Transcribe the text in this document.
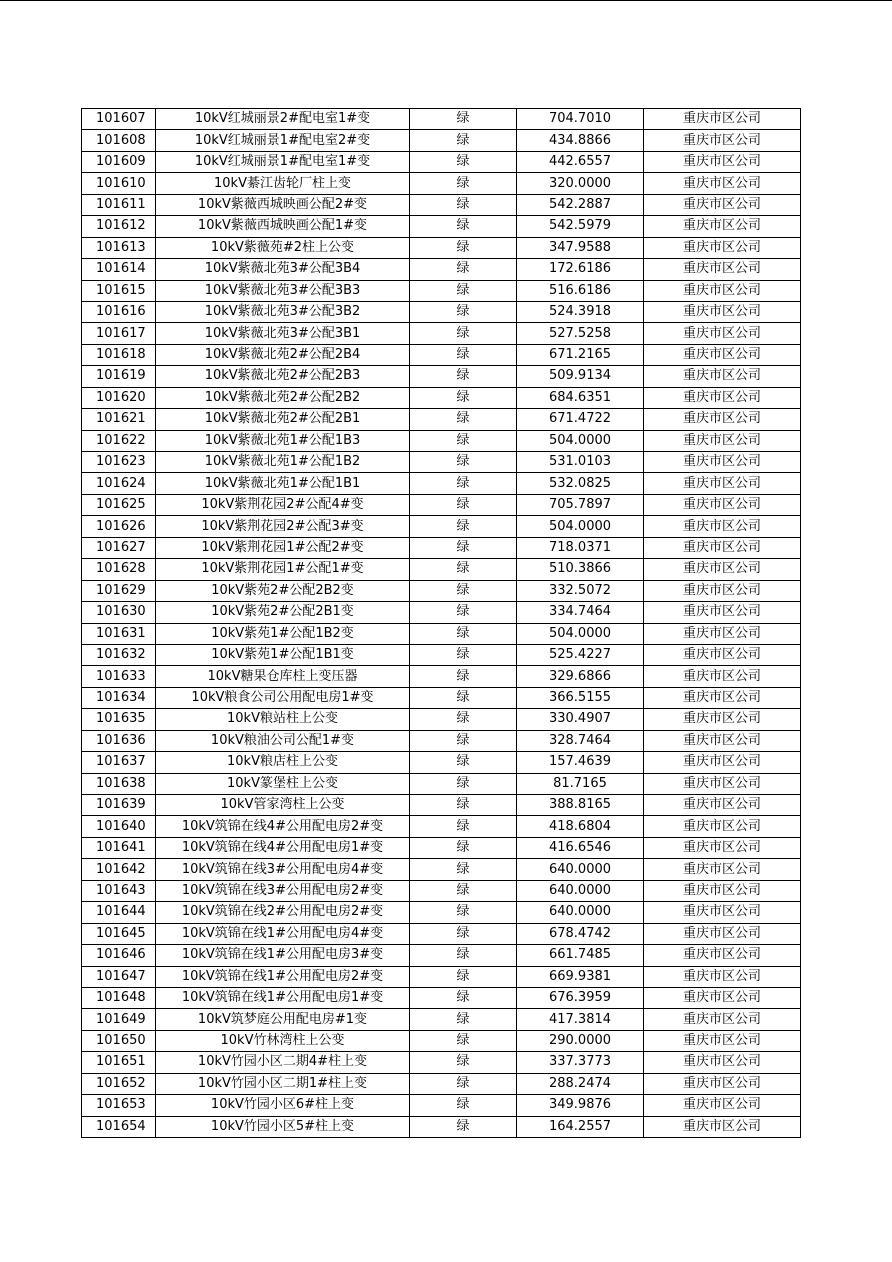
101607	10kV红城丽景2#配电室1#变	绿	704.7010	重庆市区公司
101608	10kV红城丽景1#配电室2#变	绿	434.8866	重庆市区公司
101609	10kV红城丽景1#配电室1#变	绿	442.6557	重庆市区公司
101610	10kV綦江齿轮厂柱上变	绿	320.0000	重庆市区公司
101611	10kV紫薇西城映画公配2#变	绿	542.2887	重庆市区公司
101612	10kV紫薇西城映画公配1#变	绿	542.5979	重庆市区公司
101613	10kV紫薇苑#2柱上公变	绿	347.9588	重庆市区公司
101614	10kV紫薇北苑3#公配3B4	绿	172.6186	重庆市区公司
101615	10kV紫薇北苑3#公配3B3	绿	516.6186	重庆市区公司
101616	10kV紫薇北苑3#公配3B2	绿	524.3918	重庆市区公司
101617	10kV紫薇北苑3#公配3B1	绿	527.5258	重庆市区公司
101618	10kV紫薇北苑2#公配2B4	绿	671.2165	重庆市区公司
101619	10kV紫薇北苑2#公配2B3	绿	509.9134	重庆市区公司
101620	10kV紫薇北苑2#公配2B2	绿	684.6351	重庆市区公司
101621	10kV紫薇北苑2#公配2B1	绿	671.4722	重庆市区公司
101622	10kV紫薇北苑1#公配1B3	绿	504.0000	重庆市区公司
101623	10kV紫薇北苑1#公配1B2	绿	531.0103	重庆市区公司
101624	10kV紫薇北苑1#公配1B1	绿	532.0825	重庆市区公司
101625	10kV紫荆花园2#公配4#变	绿	705.7897	重庆市区公司
101626	10kV紫荆花园2#公配3#变	绿	504.0000	重庆市区公司
101627	10kV紫荆花园1#公配2#变	绿	718.0371	重庆市区公司
101628	10kV紫荆花园1#公配1#变	绿	510.3866	重庆市区公司
101629	10kV紫苑2#公配2B2变	绿	332.5072	重庆市区公司
101630	10kV紫苑2#公配2B1变	绿	334.7464	重庆市区公司
101631	10kV紫苑1#公配1B2变	绿	504.0000	重庆市区公司
101632	10kV紫苑1#公配1B1变	绿	525.4227	重庆市区公司
101633	10kV糖果仓库柱上变压器	绿	329.6866	重庆市区公司
101634	10kV粮食公司公用配电房1#变	绿	366.5155	重庆市区公司
101635	10kV粮站柱上公变	绿	330.4907	重庆市区公司
101636	10kV粮油公司公配1#变	绿	328.7464	重庆市区公司
101637	10kV粮店柱上公变	绿	157.4639	重庆市区公司
101638	10kV篆堡柱上公变	绿	81.7165	重庆市区公司
101639	10kV管家湾柱上公变	绿	388.8165	重庆市区公司
101640	10kV筑锦在线4#公用配电房2#变	绿	418.6804	重庆市区公司
101641	10kV筑锦在线4#公用配电房1#变	绿	416.6546	重庆市区公司
101642	10kV筑锦在线3#公用配电房4#变	绿	640.0000	重庆市区公司
101643	10kV筑锦在线3#公用配电房2#变	绿	640.0000	重庆市区公司
101644	10kV筑锦在线2#公用配电房2#变	绿	640.0000	重庆市区公司
101645	10kV筑锦在线1#公用配电房4#变	绿	678.4742	重庆市区公司
101646	10kV筑锦在线1#公用配电房3#变	绿	661.7485	重庆市区公司
101647	10kV筑锦在线1#公用配电房2#变	绿	669.9381	重庆市区公司
101648	10kV筑锦在线1#公用配电房1#变	绿	676.3959	重庆市区公司
101649	10kV筑梦庭公用配电房#1变	绿	417.3814	重庆市区公司
101650	10kV竹林湾柱上公变	绿	290.0000	重庆市区公司
101651	10kV竹园小区二期4#柱上变	绿	337.3773	重庆市区公司
101652	10kV竹园小区二期1#柱上变	绿	288.2474	重庆市区公司
101653	10kV竹园小区6#柱上变	绿	349.9876	重庆市区公司
101654	10kV竹园小区5#柱上变	绿	164.2557	重庆市区公司
